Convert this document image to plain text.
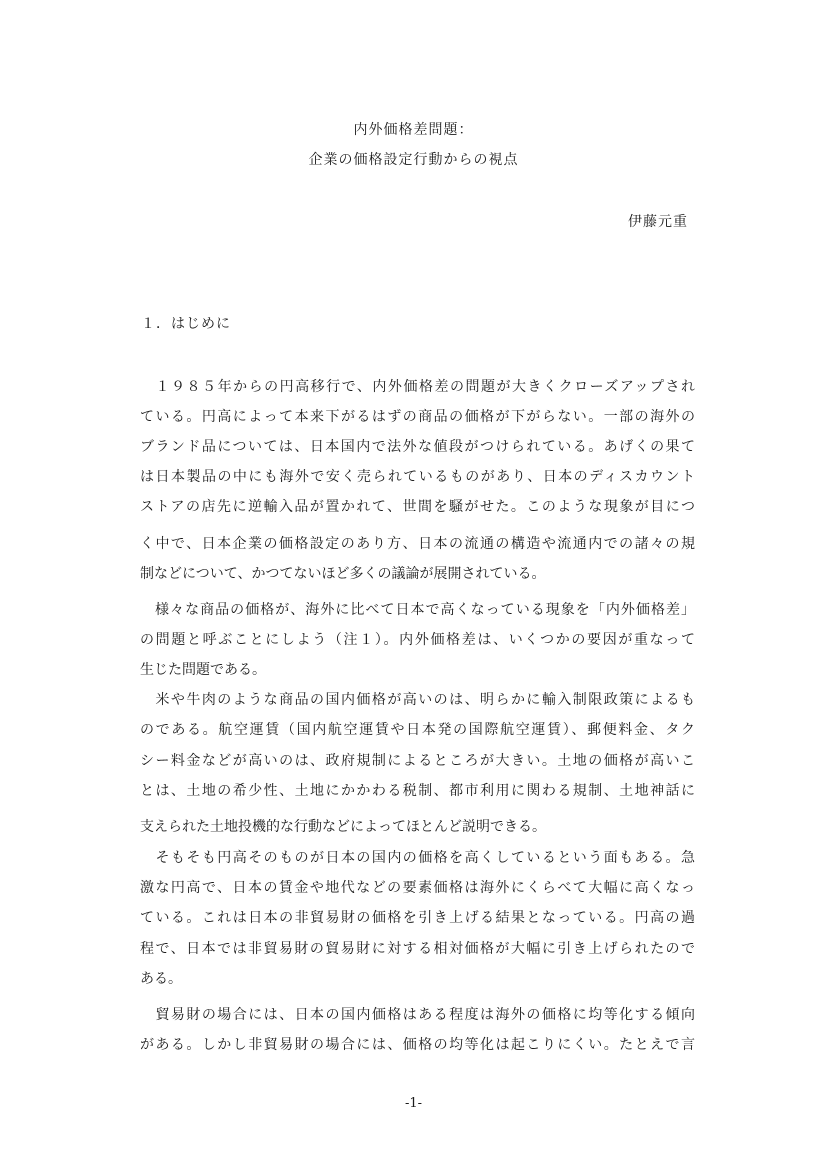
内外価格差問題：
企業の価格設定行動からの視点
伊藤元重
１．はじめに
　１９８５年からの円高移行で、内外価格差の問題が大きくクローズアップされ
ている。円高によって本来下がるはずの商品の価格が下がらない。一部の海外の
ブランド品については、日本国内で法外な値段がつけられている。あげくの果て
は日本製品の中にも海外で安く売られているものがあり、日本のディスカウント
ストアの店先に逆輸入品が置かれて、世間を騒がせた。このような現象が目につ
く中で、日本企業の価格設定のあり方、日本の流通の構造や流通内での諸々の規
制などについて、かつてないほど多くの議論が展開されている。
　様々な商品の価格が、海外に比べて日本で高くなっている現象を「内外価格差」
の問題と呼ぶことにしよう（注１）。内外価格差は、いくつかの要因が重なって
生じた問題である。
　米や牛肉のような商品の国内価格が高いのは、明らかに輸入制限政策によるも
のである。航空運賃（国内航空運賃や日本発の国際航空運賃）、郵便料金、タク
シー料金などが高いのは、政府規制によるところが大きい。土地の価格が高いこ
とは、土地の希少性、土地にかかわる税制、都市利用に関わる規制、土地神話に
支えられた土地投機的な行動などによってほとんど説明できる。
　そもそも円高そのものが日本の国内の価格を高くしているという面もある。急
激な円高で、日本の賃金や地代などの要素価格は海外にくらべて大幅に高くなっ
ている。これは日本の非貿易財の価格を引き上げる結果となっている。円高の過
程で、日本では非貿易財の貿易財に対する相対価格が大幅に引き上げられたので
ある。
　貿易財の場合には、日本の国内価格はある程度は海外の価格に均等化する傾向
がある。しかし非貿易財の場合には、価格の均等化は起こりにくい。たとえで言
-1-
